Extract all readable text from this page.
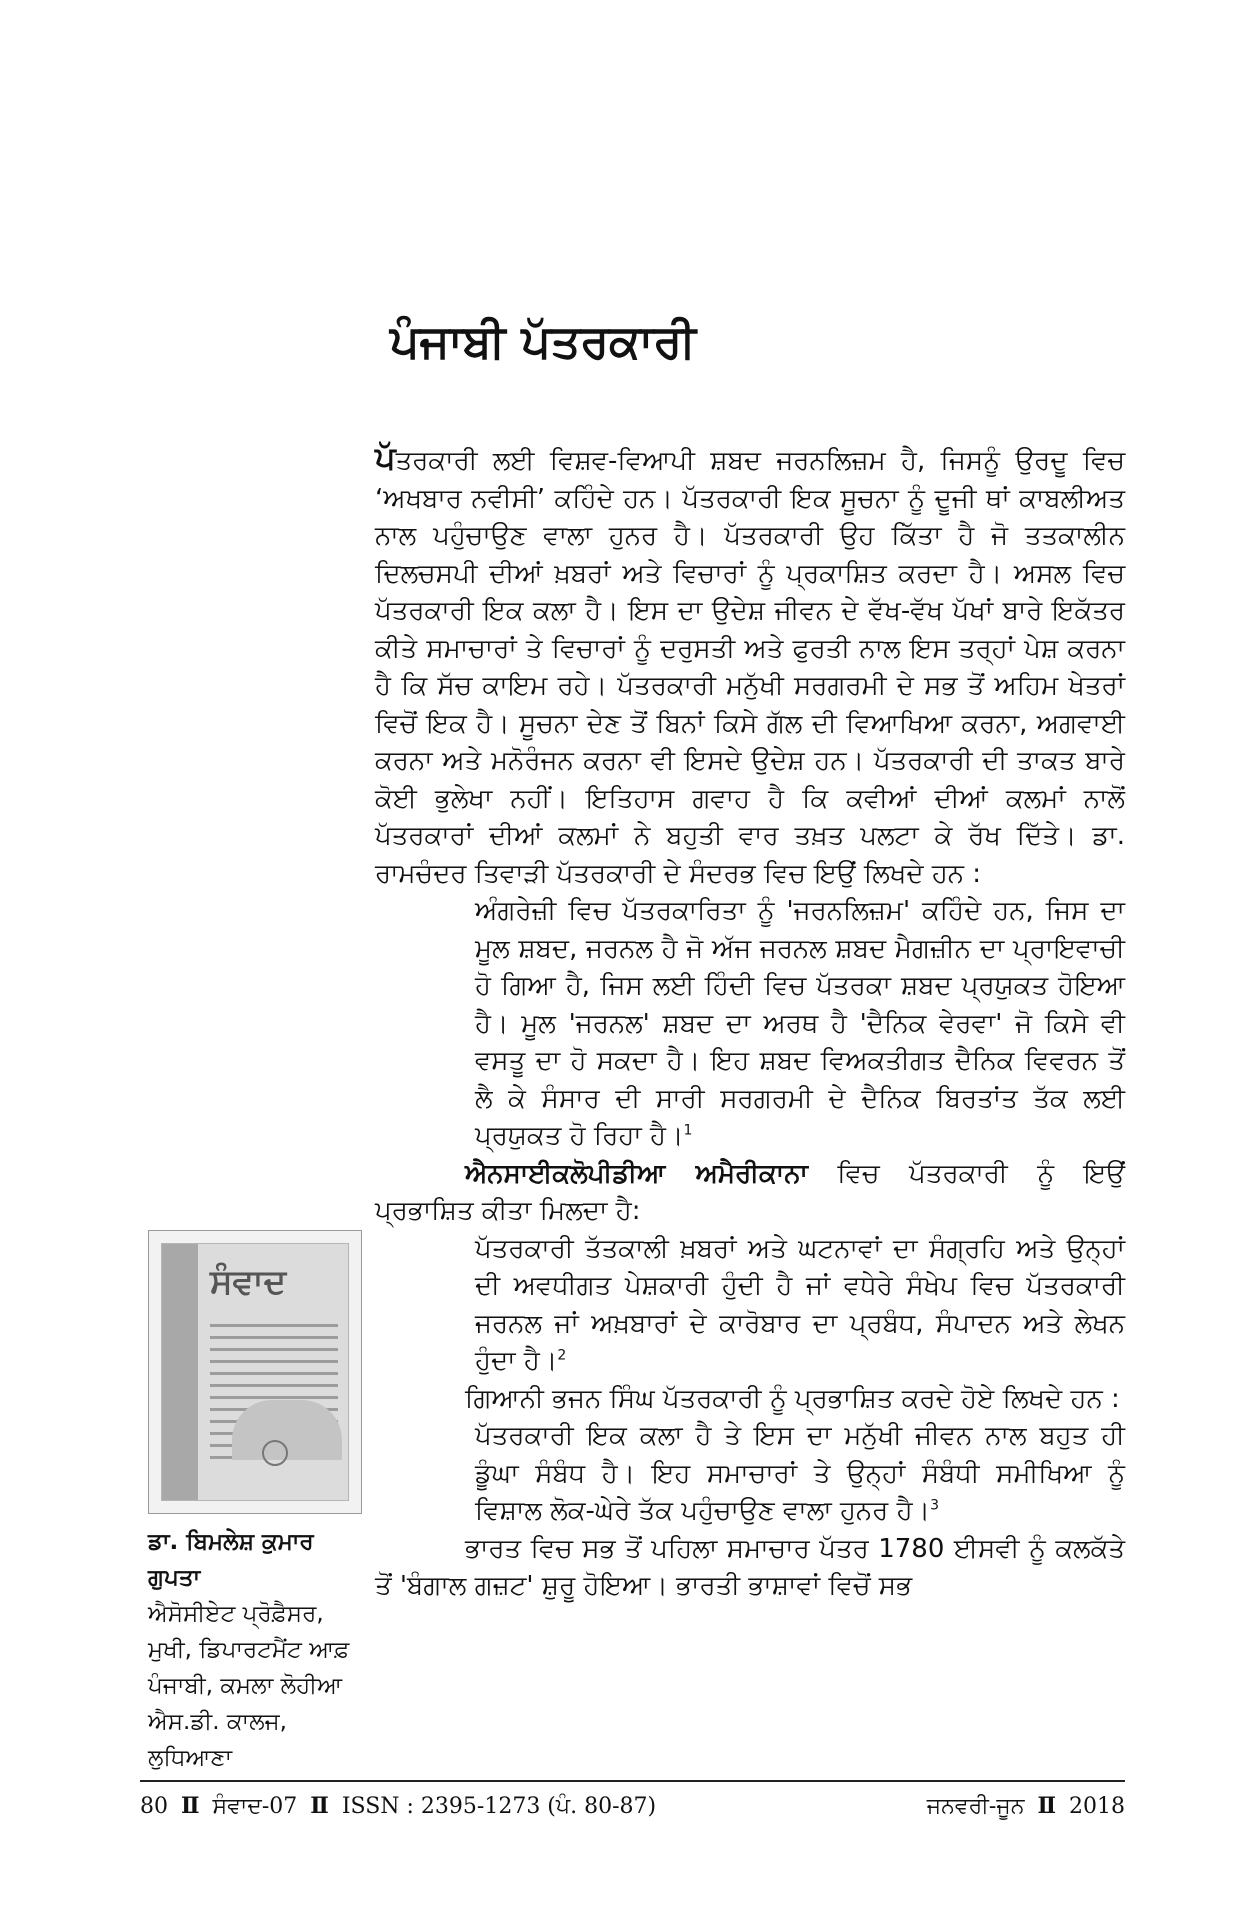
ਪੰਜਾਬੀ ਪੱਤਰਕਾਰੀ

ਪੱਤਰਕਾਰੀ ਲਈ ਵਿਸ਼ਵ-ਵਿਆਪੀ ਸ਼ਬਦ ਜਰਨਲਿਜ਼ਮ ਹੈ, ਜਿਸਨੂੰ ਉਰਦੂ ਵਿਚ ‘ਅਖਬਾਰ ਨਵੀਸੀ’ ਕਹਿੰਦੇ ਹਨ। ਪੱਤਰਕਾਰੀ ਇਕ ਸੂਚਨਾ ਨੂੰ ਦੂਜੀ ਥਾਂ ਕਾਬਲੀਅਤ ਨਾਲ ਪਹੁੰਚਾਉਣ ਵਾਲਾ ਹੁਨਰ ਹੈ। ਪੱਤਰਕਾਰੀ ਉਹ ਕਿੱਤਾ ਹੈ ਜੋ ਤਤਕਾਲੀਨ ਦਿਲਚਸਪੀ ਦੀਆਂ ਖ਼ਬਰਾਂ ਅਤੇ ਵਿਚਾਰਾਂ ਨੂੰ ਪ੍ਰਕਾਸ਼ਿਤ ਕਰਦਾ ਹੈ। ਅਸਲ ਵਿਚ ਪੱਤਰਕਾਰੀ ਇਕ ਕਲਾ ਹੈ। ਇਸ ਦਾ ਉਦੇਸ਼ ਜੀਵਨ ਦੇ ਵੱਖ-ਵੱਖ ਪੱਖਾਂ ਬਾਰੇ ਇਕੱਤਰ ਕੀਤੇ ਸਮਾਚਾਰਾਂ ਤੇ ਵਿਚਾਰਾਂ ਨੂੰ ਦਰੁਸਤੀ ਅਤੇ ਫੁਰਤੀ ਨਾਲ ਇਸ ਤਰ੍ਹਾਂ ਪੇਸ਼ ਕਰਨਾ ਹੈ ਕਿ ਸੱਚ ਕਾਇਮ ਰਹੇ। ਪੱਤਰਕਾਰੀ ਮਨੁੱਖੀ ਸਰਗਰਮੀ ਦੇ ਸਭ ਤੋਂ ਅਹਿਮ ਖੇਤਰਾਂ ਵਿਚੋਂ ਇਕ ਹੈ। ਸੂਚਨਾ ਦੇਣ ਤੋਂ ਬਿਨਾਂ ਕਿਸੇ ਗੱਲ ਦੀ ਵਿਆਖਿਆ ਕਰਨਾ, ਅਗਵਾਈ ਕਰਨਾ ਅਤੇ ਮਨੋਰੰਜਨ ਕਰਨਾ ਵੀ ਇਸਦੇ ਉਦੇਸ਼ ਹਨ। ਪੱਤਰਕਾਰੀ ਦੀ ਤਾਕਤ ਬਾਰੇ ਕੋਈ ਭੁਲੇਖਾ ਨਹੀਂ। ਇਤਿਹਾਸ ਗਵਾਹ ਹੈ ਕਿ ਕਵੀਆਂ ਦੀਆਂ ਕਲਮਾਂ ਨਾਲੋਂ ਪੱਤਰਕਾਰਾਂ ਦੀਆਂ ਕਲਮਾਂ ਨੇ ਬਹੁਤੀ ਵਾਰ ਤਖ਼ਤ ਪਲਟਾ ਕੇ ਰੱਖ ਦਿੱਤੇ। ਡਾ. ਰਾਮਚੰਦਰ ਤਿਵਾੜੀ ਪੱਤਰਕਾਰੀ ਦੇ ਸੰਦਰਭ ਵਿਚ ਇਉਂ ਲਿਖਦੇ ਹਨ :

ਅੰਗਰੇਜ਼ੀ ਵਿਚ ਪੱਤਰਕਾਰਿਤਾ ਨੂੰ 'ਜਰਨਲਿਜ਼ਮ' ਕਹਿੰਦੇ ਹਨ, ਜਿਸ ਦਾ ਮੂਲ ਸ਼ਬਦ, ਜਰਨਲ ਹੈ ਜੋ ਅੱਜ ਜਰਨਲ ਸ਼ਬਦ ਮੈਗਜ਼ੀਨ ਦਾ ਪ੍ਰਾਇਵਾਚੀ ਹੋ ਗਿਆ ਹੈ, ਜਿਸ ਲਈ ਹਿੰਦੀ ਵਿਚ ਪੱਤਰਕਾ ਸ਼ਬਦ ਪ੍ਰਯੁਕਤ ਹੋਇਆ ਹੈ। ਮੂਲ 'ਜਰਨਲ' ਸ਼ਬਦ ਦਾ ਅਰਥ ਹੈ 'ਦੈਨਿਕ ਵੇਰਵਾ' ਜੋ ਕਿਸੇ ਵੀ ਵਸਤੂ ਦਾ ਹੋ ਸਕਦਾ ਹੈ। ਇਹ ਸ਼ਬਦ ਵਿਅਕਤੀਗਤ ਦੈਨਿਕ ਵਿਵਰਨ ਤੋਂ ਲੈ ਕੇ ਸੰਸਾਰ ਦੀ ਸਾਰੀ ਸਰਗਰਮੀ ਦੇ ਦੈਨਿਕ ਬਿਰਤਾਂਤ ਤੱਕ ਲਈ ਪ੍ਰਯੁਕਤ ਹੋ ਰਿਹਾ ਹੈ।$^1$

ਐਨਸਾਈਕਲੋਪੀਡੀਆ ਅਮੈਰੀਕਾਨਾ ਵਿਚ ਪੱਤਰਕਾਰੀ ਨੂੰ ਇਉਂ ਪ੍ਰਭਾਸ਼ਿਤ ਕੀਤਾ ਮਿਲਦਾ ਹੈ:

ਪੱਤਰਕਾਰੀ ਤੱਤਕਾਲੀ ਖ਼ਬਰਾਂ ਅਤੇ ਘਟਨਾਵਾਂ ਦਾ ਸੰਗ੍ਰਹਿ ਅਤੇ ਉਨ੍ਹਾਂ ਦੀ ਅਵਧੀਗਤ ਪੇਸ਼ਕਾਰੀ ਹੁੰਦੀ ਹੈ ਜਾਂ ਵਧੇਰੇ ਸੰਖੇਪ ਵਿਚ ਪੱਤਰਕਾਰੀ ਜਰਨਲ ਜਾਂ ਅਖ਼ਬਾਰਾਂ ਦੇ ਕਾਰੋਬਾਰ ਦਾ ਪ੍ਰਬੰਧ, ਸੰਪਾਦਨ ਅਤੇ ਲੇਖਨ ਹੁੰਦਾ ਹੈ।$^2$

ਗਿਆਨੀ ਭਜਨ ਸਿੰਘ ਪੱਤਰਕਾਰੀ ਨੂੰ ਪ੍ਰਭਾਸ਼ਿਤ ਕਰਦੇ ਹੋਏ ਲਿਖਦੇ ਹਨ :

ਪੱਤਰਕਾਰੀ ਇਕ ਕਲਾ ਹੈ ਤੇ ਇਸ ਦਾ ਮਨੁੱਖੀ ਜੀਵਨ ਨਾਲ ਬਹੁਤ ਹੀ ਡੂੰਘਾ ਸੰਬੰਧ ਹੈ। ਇਹ ਸਮਾਚਾਰਾਂ ਤੇ ਉਨ੍ਹਾਂ ਸੰਬੰਧੀ ਸਮੀਖਿਆ ਨੂੰ ਵਿਸ਼ਾਲ ਲੋਕ-ਘੇਰੇ ਤੱਕ ਪਹੁੰਚਾਉਣ ਵਾਲਾ ਹੁਨਰ ਹੈ।$^3$

ਭਾਰਤ ਵਿਚ ਸਭ ਤੋਂ ਪਹਿਲਾ ਸਮਾਚਾਰ ਪੱਤਰ 1780 ਈਸਵੀ ਨੂੰ ਕਲਕੱਤੇ ਤੋਂ 'ਬੰਗਾਲ ਗਜ਼ਟ' ਸ਼ੁਰੂ ਹੋਇਆ। ਭਾਰਤੀ ਭਾਸ਼ਾਵਾਂ ਵਿਚੋਂ ਸਭ

ਸੰਵਾਦ

ਡਾ. ਬਿਮਲੇਸ਼ ਕੁਮਾਰ ਗੁਪਤਾ

ਐਸੋਸੀਏਟ ਪ੍ਰੋਫ਼ੈਸਰ, ਮੁਖੀ, ਡਿਪਾਰਟਮੈਂਟ ਆਫ਼ ਪੰਜਾਬੀ, ਕਮਲਾ ਲੋਹੀਆ ਐਸ.ਡੀ. ਕਾਲਜ, ਲੁਧਿਆਣਾ

80 Ⅱ ਸੰਵਾਦ-07 Ⅱ ISSN : 2395-1273 (ਪੰ. 80-87)	ਜਨਵਰੀ-ਜੂਨ Ⅱ 2018
